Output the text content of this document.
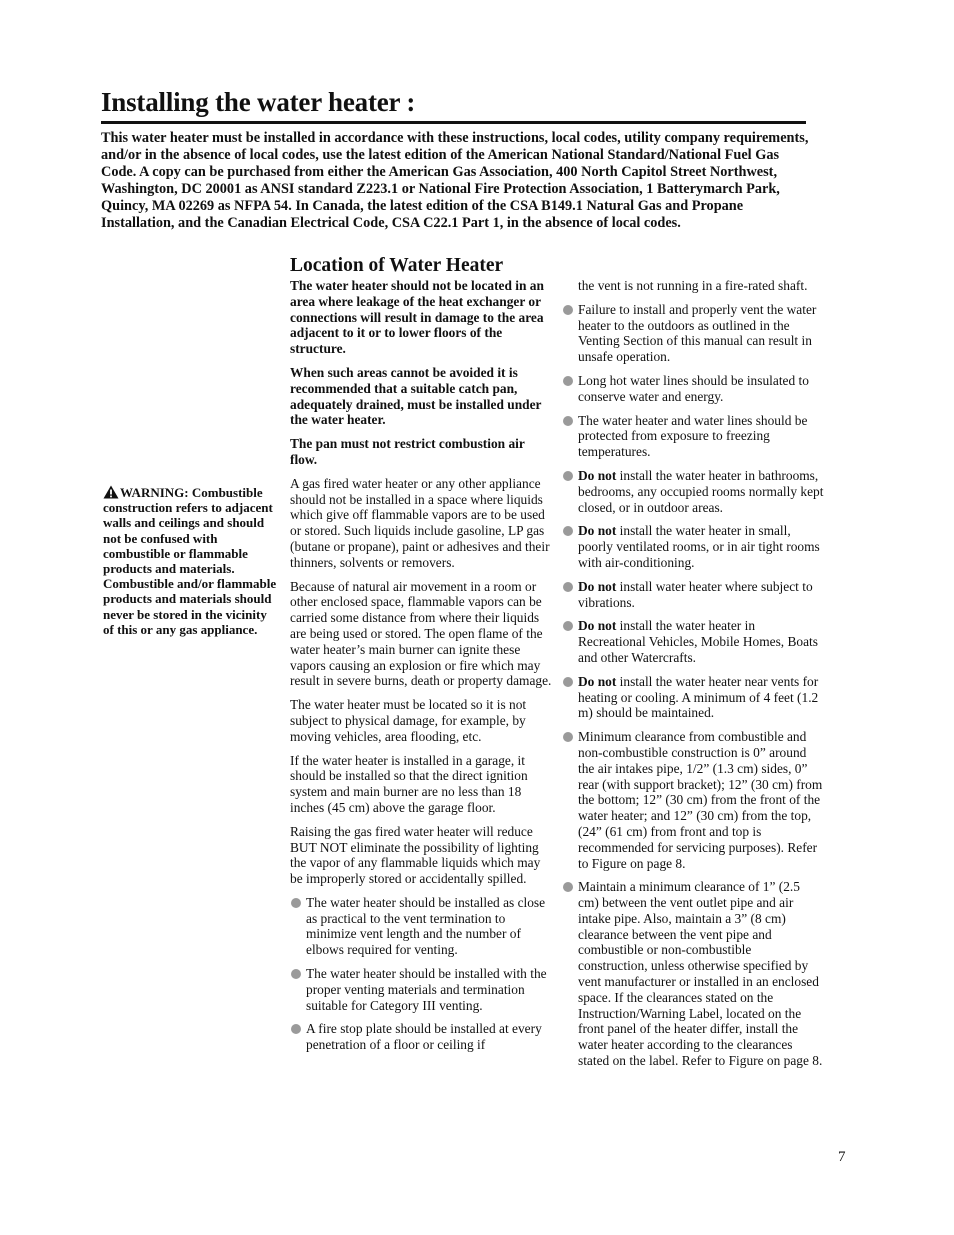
Installing the water heater :

This water heater must be installed in accordance with these instructions, local codes, utility company requirements, and/or in the absence of local codes, use the latest edition of the American National Standard/National Fuel Gas Code. A copy can be purchased from either the American Gas Association, 400 North Capitol Street Northwest, Washington, DC 20001 as ANSI standard Z223.1 or National Fire Protection Association, 1 Batterymarch Park, Quincy, MA 02269 as NFPA 54. In Canada, the latest edition of the CSA B149.1 Natural Gas and Propane Installation, and the Canadian Electrical Code, CSA C22.1 Part 1, in the absence of local codes.

Location of Water Heater
WARNING: Combustible construction refers to adjacent walls and ceilings and should not be confused with combustible or flammable products and materials. Combustible and/or flammable products and materials should never be stored in the vicinity of this or any gas appliance.

The water heater should not be located in an area where leakage of the heat exchanger or connections will result in damage to the area adjacent to it or to lower floors of the structure.

When such areas cannot be avoided it is recommended that a suitable catch pan, adequately drained, must be installed under the water heater.

The pan must not restrict combustion air flow.

A gas fired water heater or any other appliance should not be installed in a space where liquids which give off flammable vapors are to be used or stored. Such liquids include gasoline, LP gas (butane or propane), paint or adhesives and their thinners, solvents or removers.

Because of natural air movement in a room or other enclosed space, flammable vapors can be carried some distance from where their liquids are being used or stored. The open flame of the water heater’s main burner can ignite these vapors causing an explosion or fire which may result in severe burns, death or property damage.

The water heater must be located so it is not subject to physical damage, for example, by moving vehicles, area flooding, etc.

If the water heater is installed in a garage, it should be installed so that the direct ignition system and main burner are no less than 18 inches (45 cm) above the garage floor.

Raising the gas fired water heater will reduce BUT NOT eliminate the possibility of lighting the vapor of any flammable liquids which may be improperly stored or accidentally spilled.

The water heater should be installed as close as practical to the vent termination to minimize vent length and the number of elbows required for venting.
The water heater should be installed with the proper venting materials and termination suitable for Category III venting.
A fire stop plate should be installed at every penetration of a floor or ceiling if
the vent is not running in a fire-rated shaft.
Failure to install and properly vent the water heater to the outdoors as outlined in the Venting Section of this manual can result in unsafe operation.
Long hot water lines should be insulated to conserve water and energy.
The water heater and water lines should be protected from exposure to freezing temperatures.
Do not install the water heater in bathrooms, bedrooms, any occupied rooms normally kept closed, or in outdoor areas.
Do not install the water heater in small, poorly ventilated rooms, or in air tight rooms with air-conditioning.
Do not install water heater where subject to vibrations.
Do not install the water heater in Recreational Vehicles, Mobile Homes, Boats and other Watercrafts.
Do not install the water heater near vents for heating or cooling. A minimum of 4 feet (1.2 m) should be maintained.
Minimum clearance from combustible and non-combustible construction is 0” around the air intakes pipe, 1/2” (1.3 cm) sides, 0” rear (with support bracket); 12” (30 cm) from the bottom; 12” (30 cm) from the front of the water heater; and 12” (30 cm) from the top, (24” (61 cm) from front and top is recommended for servicing purposes). Refer to Figure on page 8.
Maintain a minimum clearance of 1” (2.5 cm) between the vent outlet pipe and air intake pipe. Also, maintain a 3” (8 cm) clearance between the vent pipe and combustible or non-combustible construction, unless otherwise specified by vent manufacturer or installed in an enclosed space. If the clearances stated on the Instruction/Warning Label, located on the front panel of the heater differ, install the water heater according to the clearances stated on the label. Refer to Figure on page 8.
7
